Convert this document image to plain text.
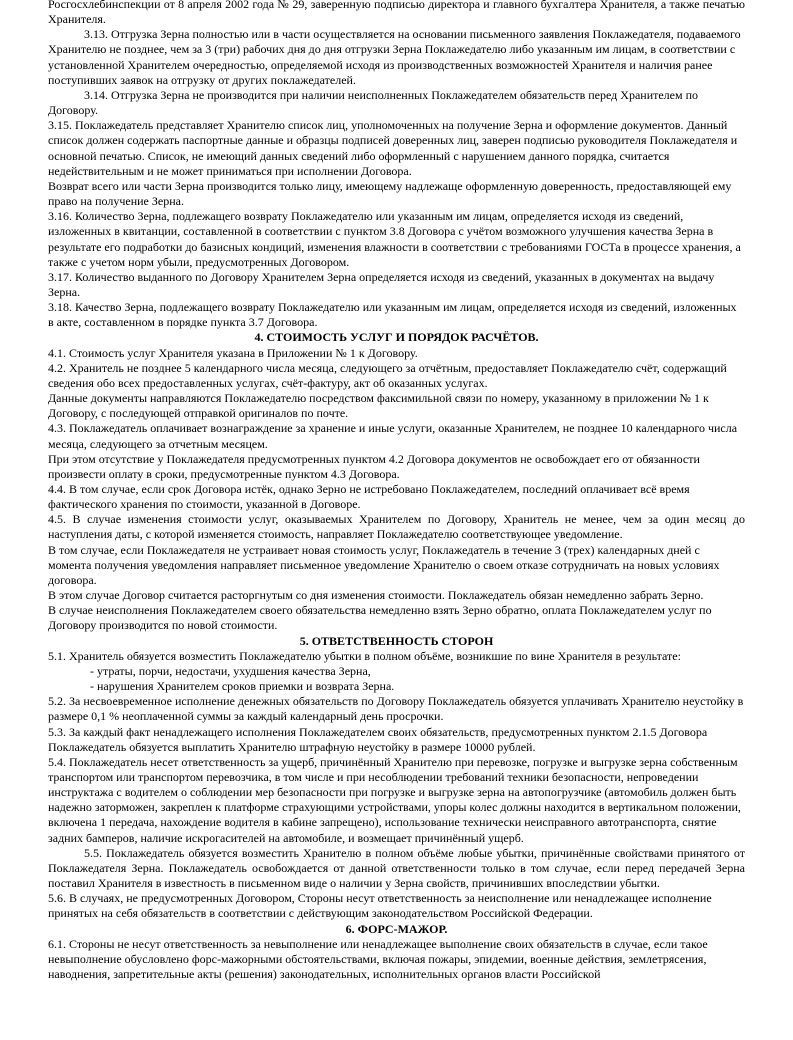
Росгосхлебинспекции от 8 апреля 2002 года № 29, заверенную подписью директора и главного бухгалтера Хранителя, а также печатью Хранителя.

3.13. Отгрузка Зерна полностью или в части осуществляется на основании письменного заявления Поклажедателя, подаваемого Хранителю не позднее, чем за 3 (три) рабочих дня до дня отгрузки Зерна Поклажедателю либо указанным им лицам, в соответствии с установленной Хранителем очередностью, определяемой исходя из производственных возможностей Хранителя и наличия ранее поступивших заявок на отгрузку от других поклажедателей.

3.14. Отгрузка Зерна не производится при наличии неисполненных Поклажедателем обязательств перед Хранителем по Договору.

3.15. Поклажедатель представляет Хранителю список лиц, уполномоченных на получение Зерна и оформление документов. Данный список должен содержать паспортные данные и образцы подписей доверенных лиц, заверен подписью руководителя Поклажедателя и основной печатью. Список, не имеющий данных сведений либо оформленный с нарушением данного порядка, считается недействительным и не может приниматься при исполнении Договора.

Возврат всего или части Зерна производится только лицу, имеющему надлежаще оформленную доверенность, предоставляющей ему право на получение Зерна.

3.16. Количество Зерна, подлежащего возврату Поклажедателю или указанным им лицам, определяется исходя из сведений, изложенных в квитанции, составленной в соответствии с пунктом 3.8 Договора с учётом возможного улучшения качества Зерна в результате его подработки до базисных кондиций, изменения влажности в соответствии с требованиями ГОСТа в процессе хранения, а также с учетом норм убыли, предусмотренных Договором.

3.17. Количество выданного по Договору Хранителем Зерна определяется исходя из сведений, указанных в документах на выдачу Зерна.

3.18. Качество Зерна, подлежащего возврату Поклажедателю или указанным им лицам, определяется исходя из сведений, изложенных в акте, составленном в порядке пункта 3.7 Договора.

4. СТОИМОСТЬ УСЛУГ И ПОРЯДОК РАСЧЁТОВ.

4.1. Стоимость услуг Хранителя указана в Приложении № 1 к Договору.

4.2. Хранитель не позднее 5 календарного числа месяца, следующего за отчётным, предоставляет Поклажедателю счёт, содержащий сведения обо всех предоставленных услугах, счёт-фактуру, акт об оказанных услугах.

Данные документы направляются Поклажедателю посредством факсимильной связи по номеру, указанному в приложении № 1 к Договору, с последующей отправкой оригиналов по почте.

4.3. Поклажедатель оплачивает вознаграждение за хранение и иные услуги, оказанные Хранителем, не позднее 10 календарного числа месяца, следующего за отчетным месяцем.

При этом отсутствие у Поклажедателя предусмотренных пунктом 4.2 Договора документов не освобождает его от обязанности произвести оплату в сроки, предусмотренные пунктом 4.3 Договора.

4.4. В том случае, если срок Договора истёк, однако Зерно не истребовано Поклажедателем, последний оплачивает всё время фактического хранения по стоимости, указанной в Договоре.

4.5. В случае изменения стоимости услуг, оказываемых Хранителем по Договору, Хранитель не менее, чем за один месяц до наступления даты, с которой изменяется стоимость, направляет Поклажедателю соответствующее уведомление.

В том случае, если Поклажедателя не устраивает новая стоимость услуг, Поклажедатель в течение 3 (трех) календарных дней с момента получения уведомления направляет письменное уведомление Хранителю о своем отказе сотрудничать на новых условиях договора.

В этом случае Договор считается расторгнутым со дня изменения стоимости. Поклажедатель обязан немедленно забрать Зерно.

В случае неисполнения Поклажедателем своего обязательства немедленно взять Зерно обратно, оплата Поклажедателем услуг по Договору производится по новой стоимости.

5. ОТВЕТСТВЕННОСТЬ СТОРОН

5.1. Хранитель обязуется возместить Поклажедателю убытки в полном объёме, возникшие по вине Хранителя в результате:

- утраты, порчи, недостачи, ухудшения качества Зерна,

- нарушения Хранителем сроков приемки и возврата Зерна.

5.2. За несвоевременное исполнение денежных обязательств по Договору Поклажедатель обязуется уплачивать Хранителю неустойку в размере 0,1 % неоплаченной суммы за каждый календарный день просрочки.

5.3. За каждый факт ненадлежащего исполнения Поклажедателем своих обязательств, предусмотренных пунктом 2.1.5 Договора Поклажедатель обязуется выплатить Хранителю штрафную неустойку в размере 10000 рублей.

5.4. Поклажедатель несет ответственность за ущерб, причинённый Хранителю при перевозке, погрузке и выгрузке зерна собственным транспортом или транспортом перевозчика, в том числе и при несоблюдении требований техники безопасности, непроведении инструктажа с водителем о соблюдении мер безопасности при погрузке и выгрузке зерна на автопогрузчике (автомобиль должен быть надежно заторможен, закреплен к платформе страхующими устройствами, упоры колес должны находится в вертикальном положении, включена 1 передача, нахождение водителя в кабине запрещено), использование технически неисправного автотранспорта, снятие задних бамперов, наличие искрогасителей на автомобиле, и возмещает причинённый ущерб.

5.5. Поклажедатель обязуется возместить Хранителю в полном объёме любые убытки, причинённые свойствами принятого от Поклажедателя Зерна. Поклажедатель освобождается от данной ответственности только в том случае, если перед передачей Зерна поставил Хранителя в известность в письменном виде о наличии у Зерна свойств, причинивших впоследствии убытки.

5.6. В случаях, не предусмотренных Договором, Стороны несут ответственность за неисполнение или ненадлежащее исполнение принятых на себя обязательств в соответствии с действующим законодательством Российской Федерации.

6. ФОРС-МАЖОР.

6.1. Стороны не несут ответственность за невыполнение или ненадлежащее выполнение своих обязательств в случае, если такое невыполнение обусловлено форс-мажорными обстоятельствами, включая пожары, эпидемии, военные действия, землетрясения, наводнения, запретительные акты (решения) законодательных, исполнительных органов власти Российской
